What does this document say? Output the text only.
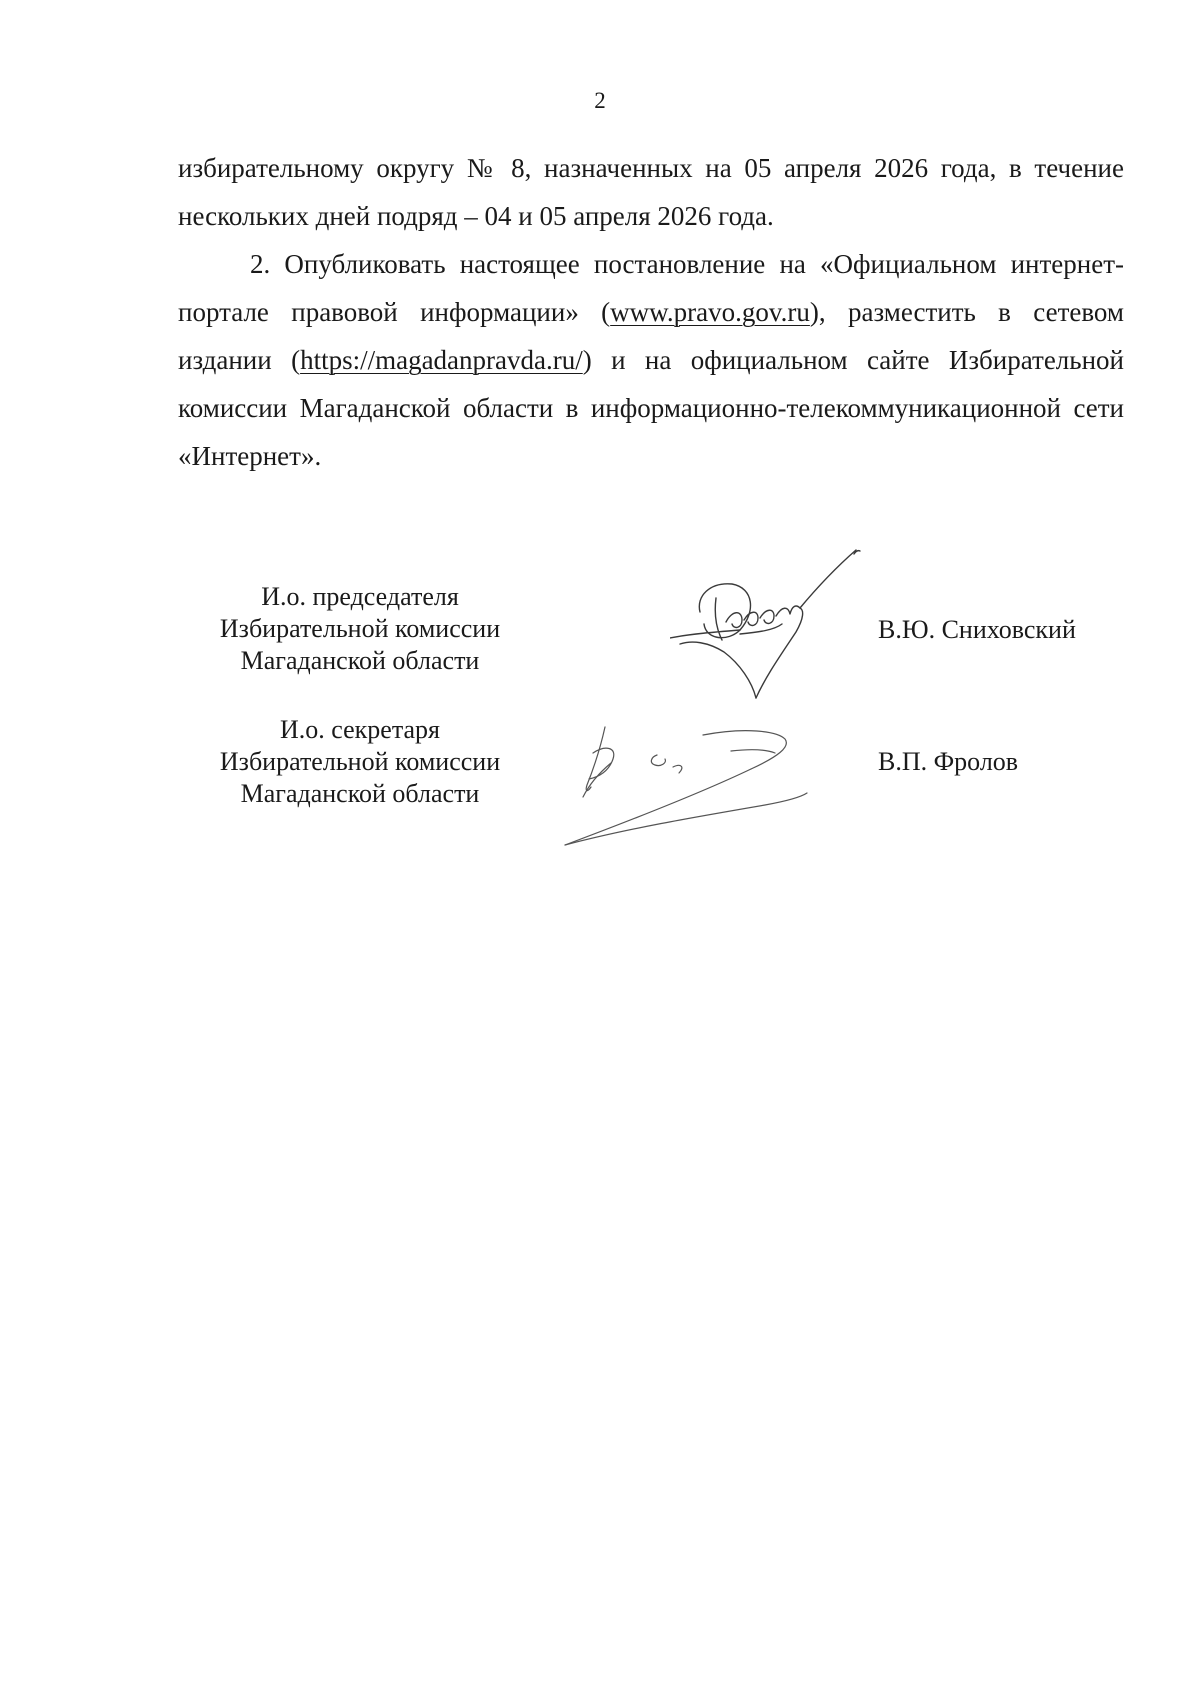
2

избирательному округу № 8, назначенных на 05 апреля 2026 года, в течение нескольких дней подряд – 04 и 05 апреля 2026 года.

2. Опубликовать настоящее постановление на «Официальном интернет-портале правовой информации» (www.pravo.gov.ru), разместить в сетевом издании (https://magadanpravda.ru/) и на официальном сайте Избирательной комиссии Магаданской области в информационно-телекоммуникационной сети «Интернет».

И.о. председателя
Избирательной комиссии
Магаданской области
В.Ю. Сниховский
И.о. секретаря
Избирательной комиссии
Магаданской области
В.П. Фролов
